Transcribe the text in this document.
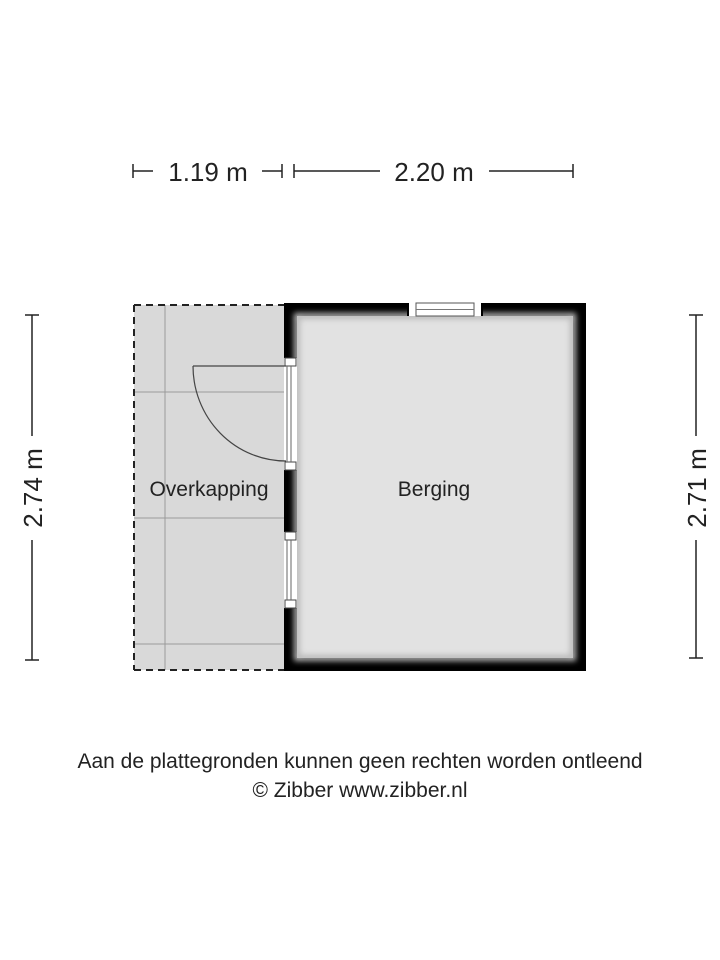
1.19 m	2.20 m
2.74 m	2.71 m
Overkapping	Berging
Aan de plattegronden kunnen geen rechten worden ontleend
© Zibber www.zibber.nl
